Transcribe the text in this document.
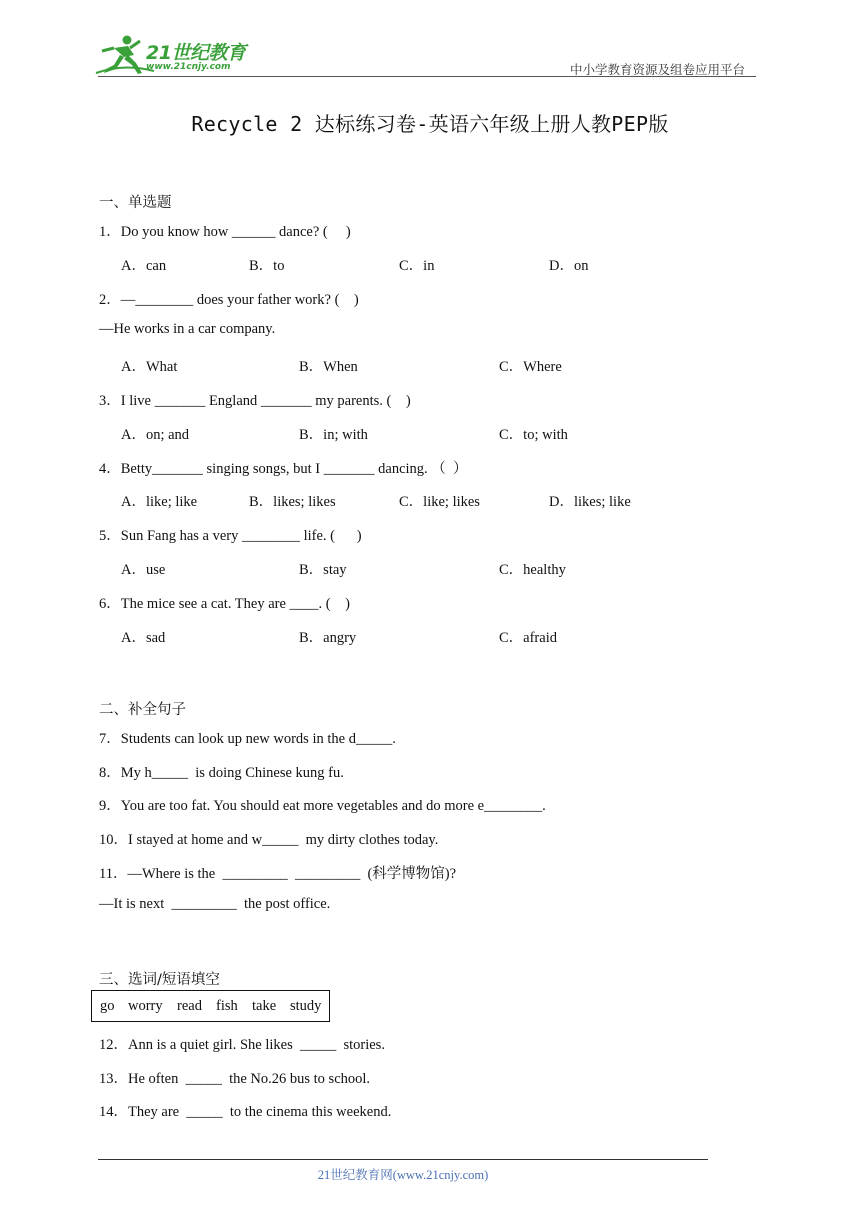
21世纪教育
www.21cnjy.com	中小学教育资源及组卷应用平台
Recycle 2 达标练习卷-英语六年级上册人教PEP版
一、单选题
1．Do you know how ______ dance? (     )
A．can	B．to	C．in	D．on
2．—________ does your father work? (    )
—He works in a car company.
A．What	B．When	C．Where
3．I live _______ England _______ my parents. (    )
A．on; and	B．in; with	C．to; with
4．Betty_______ singing songs, but I _______ dancing. （  ）
A．like; like	B．likes; likes	C．like; likes	D．likes; like
5．Sun Fang has a very ________ life. (      )
A．use	B．stay	C．healthy
6．The mice see a cat. They are ____. (    )
A．sad	B．angry	C．afraid
二、补全句子
7．Students can look up new words in the d_____.
8．My h_____  is doing Chinese kung fu.
9．You are too fat. You should eat more vegetables and do more e________.
10．I stayed at home and w_____  my dirty clothes today.
11．—Where is the  _________  _________  (科学博物馆)?
—It is next  _________  the post office.
三、选词/短语填空
go worry read fish take study
12．Ann is a quiet girl. She likes  _____  stories.
13．He often  _____  the No.26 bus to school.
14．They are  _____  to the cinema this weekend.
21世纪教育网(www.21cnjy.com)
